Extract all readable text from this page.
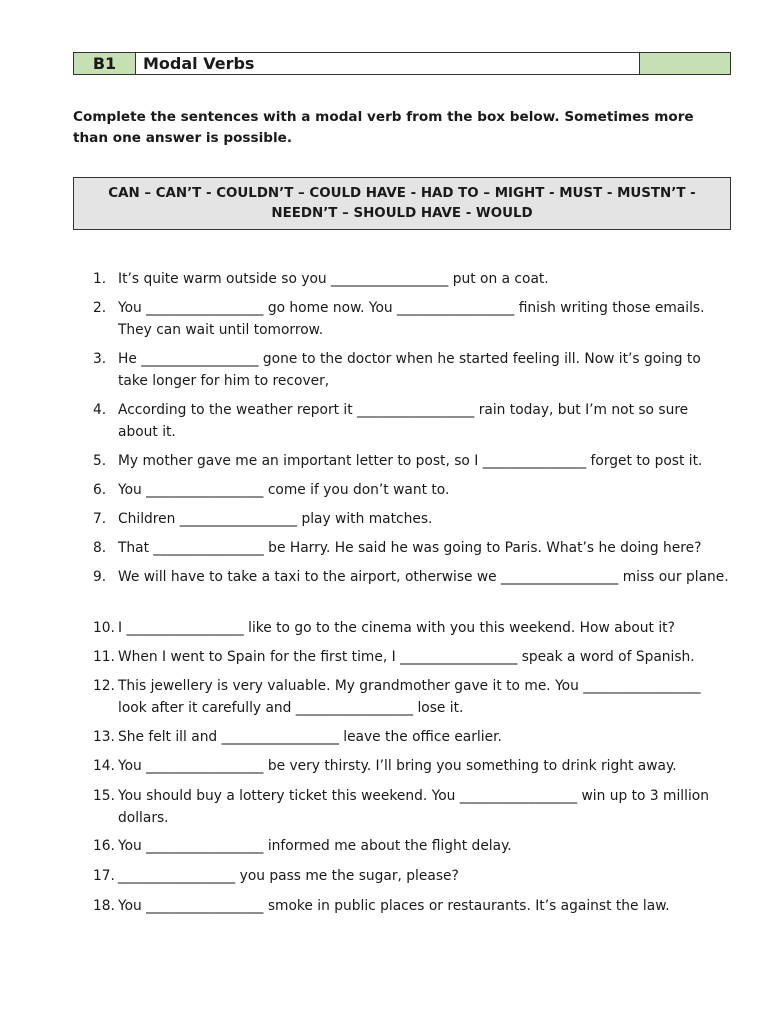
B1	Modal Verbs
Complete the sentences with a modal verb from the box below. Sometimes more than one answer is possible.
CAN – CAN’T - COULDN’T – COULD HAVE - HAD TO – MIGHT - MUST - MUSTN’T -
NEEDN’T – SHOULD HAVE - WOULD
1. It’s quite warm outside so you _________________ put on a coat.
2. You _________________ go home now. You _________________ finish writing those emails. They can wait until tomorrow.
3. He _________________ gone to the doctor when he started feeling ill. Now it’s going to take longer for him to recover,
4. According to the weather report it _________________ rain today, but I’m not so sure about it.
5. My mother gave me an important letter to post, so I _______________ forget to post it.
6. You _________________ come if you don’t want to.
7. Children _________________ play with matches.
8. That ________________ be Harry. He said he was going to Paris. What’s he doing here?
9. We will have to take a taxi to the airport, otherwise we _________________ miss our plane.
10. I _________________ like to go to the cinema with you this weekend. How about it?
11. When I went to Spain for the first time, I _________________ speak a word of Spanish.
12. This jewellery is very valuable. My grandmother gave it to me. You _________________ look after it carefully and _________________ lose it.
13. She felt ill and _________________ leave the office earlier.
14. You _________________ be very thirsty. I’ll bring you something to drink right away.
15. You should buy a lottery ticket this weekend. You _________________ win up to 3 million dollars.
16. You _________________ informed me about the flight delay.
17. _________________ you pass me the sugar, please?
18. You _________________ smoke in public places or restaurants. It’s against the law.
